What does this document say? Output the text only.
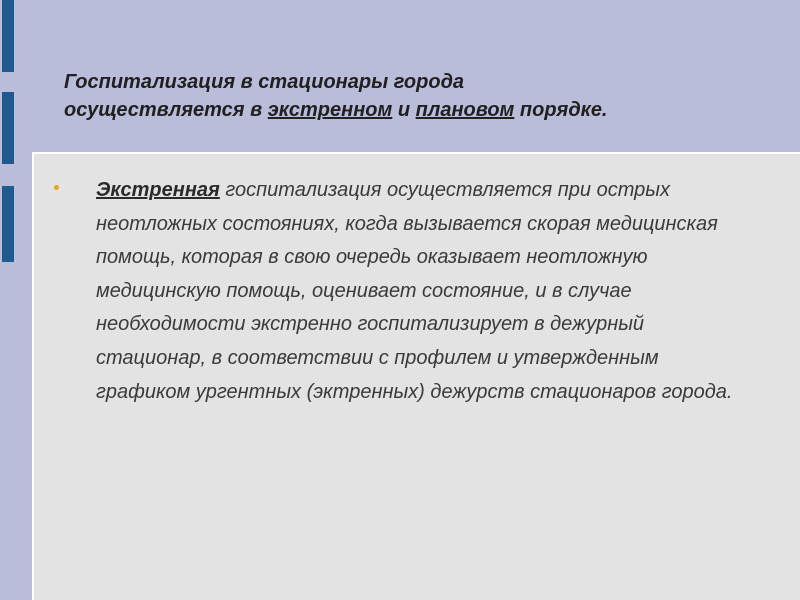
Госпитализация в стационары города
осуществляется в экстренном и плановом порядке.
Экстренная госпитализация осуществляется при острых неотложных состояниях, когда вызывается скорая медицинская помощь, которая в свою очередь оказывает неотложную медицинскую помощь, оценивает состояние, и в случае необходимости экстренно госпитализирует в дежурный стационар, в соответствии с профилем и утвержденным графиком ургентных (эктренных) дежурств стационаров города.
